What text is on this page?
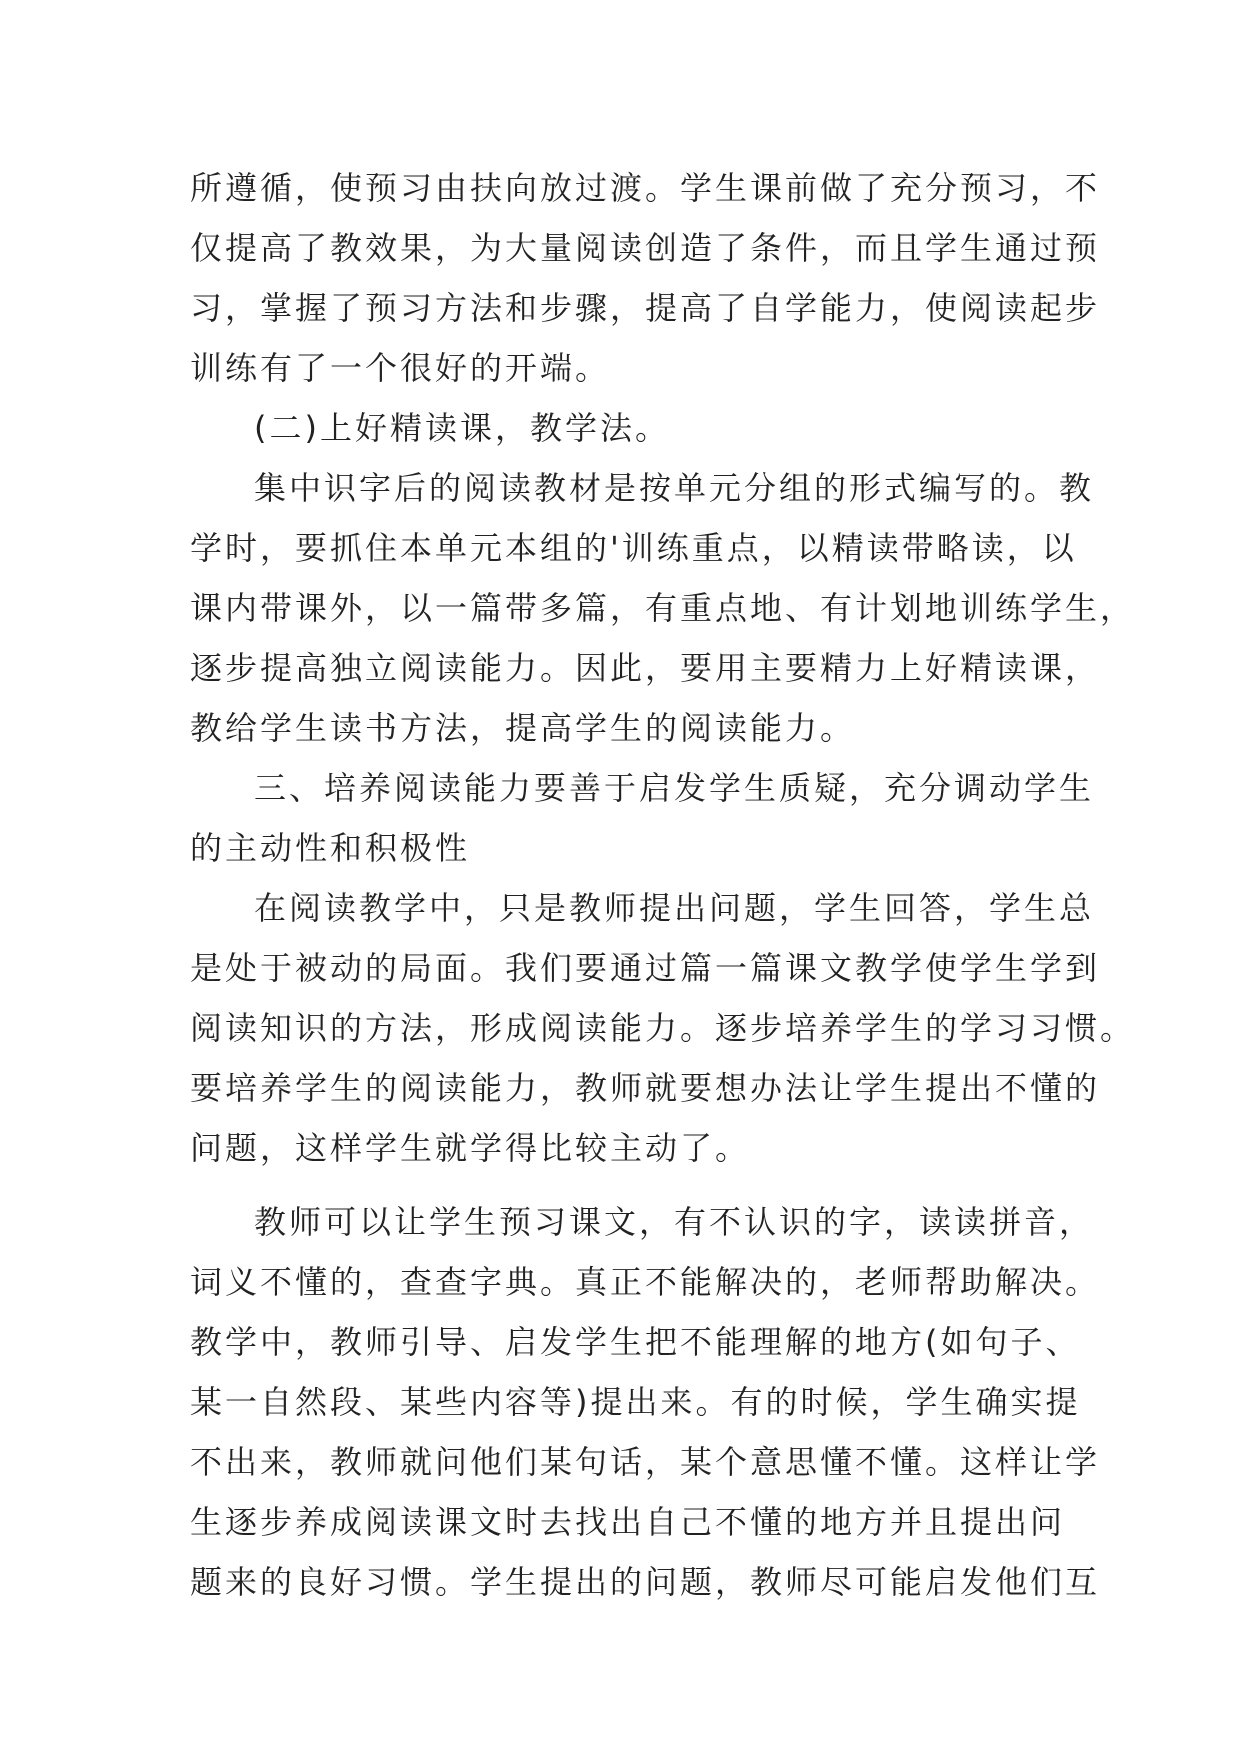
所遵循，使预习由扶向放过渡。学生课前做了充分预习，不
仅提高了教效果，为大量阅读创造了条件，而且学生通过预
习，掌握了预习方法和步骤，提高了自学能力，使阅读起步
训练有了一个很好的开端。
(二)上好精读课，教学法。
集中识字后的阅读教材是按单元分组的形式编写的。教
学时，要抓住本单元本组的'训练重点，以精读带略读，以
课内带课外，以一篇带多篇，有重点地、有计划地训练学生，
逐步提高独立阅读能力。因此，要用主要精力上好精读课，
教给学生读书方法，提高学生的阅读能力。
三、培养阅读能力要善于启发学生质疑，充分调动学生
的主动性和积极性
在阅读教学中，只是教师提出问题，学生回答，学生总
是处于被动的局面。我们要通过篇一篇课文教学使学生学到
阅读知识的方法，形成阅读能力。逐步培养学生的学习习惯。
要培养学生的阅读能力，教师就要想办法让学生提出不懂的
问题，这样学生就学得比较主动了。
教师可以让学生预习课文，有不认识的字，读读拼音，
词义不懂的，查查字典。真正不能解决的，老师帮助解决。
教学中，教师引导、启发学生把不能理解的地方(如句子、
某一自然段、某些内容等)提出来。有的时候，学生确实提
不出来，教师就问他们某句话，某个意思懂不懂。这样让学
生逐步养成阅读课文时去找出自己不懂的地方并且提出问
题来的良好习惯。学生提出的问题，教师尽可能启发他们互
